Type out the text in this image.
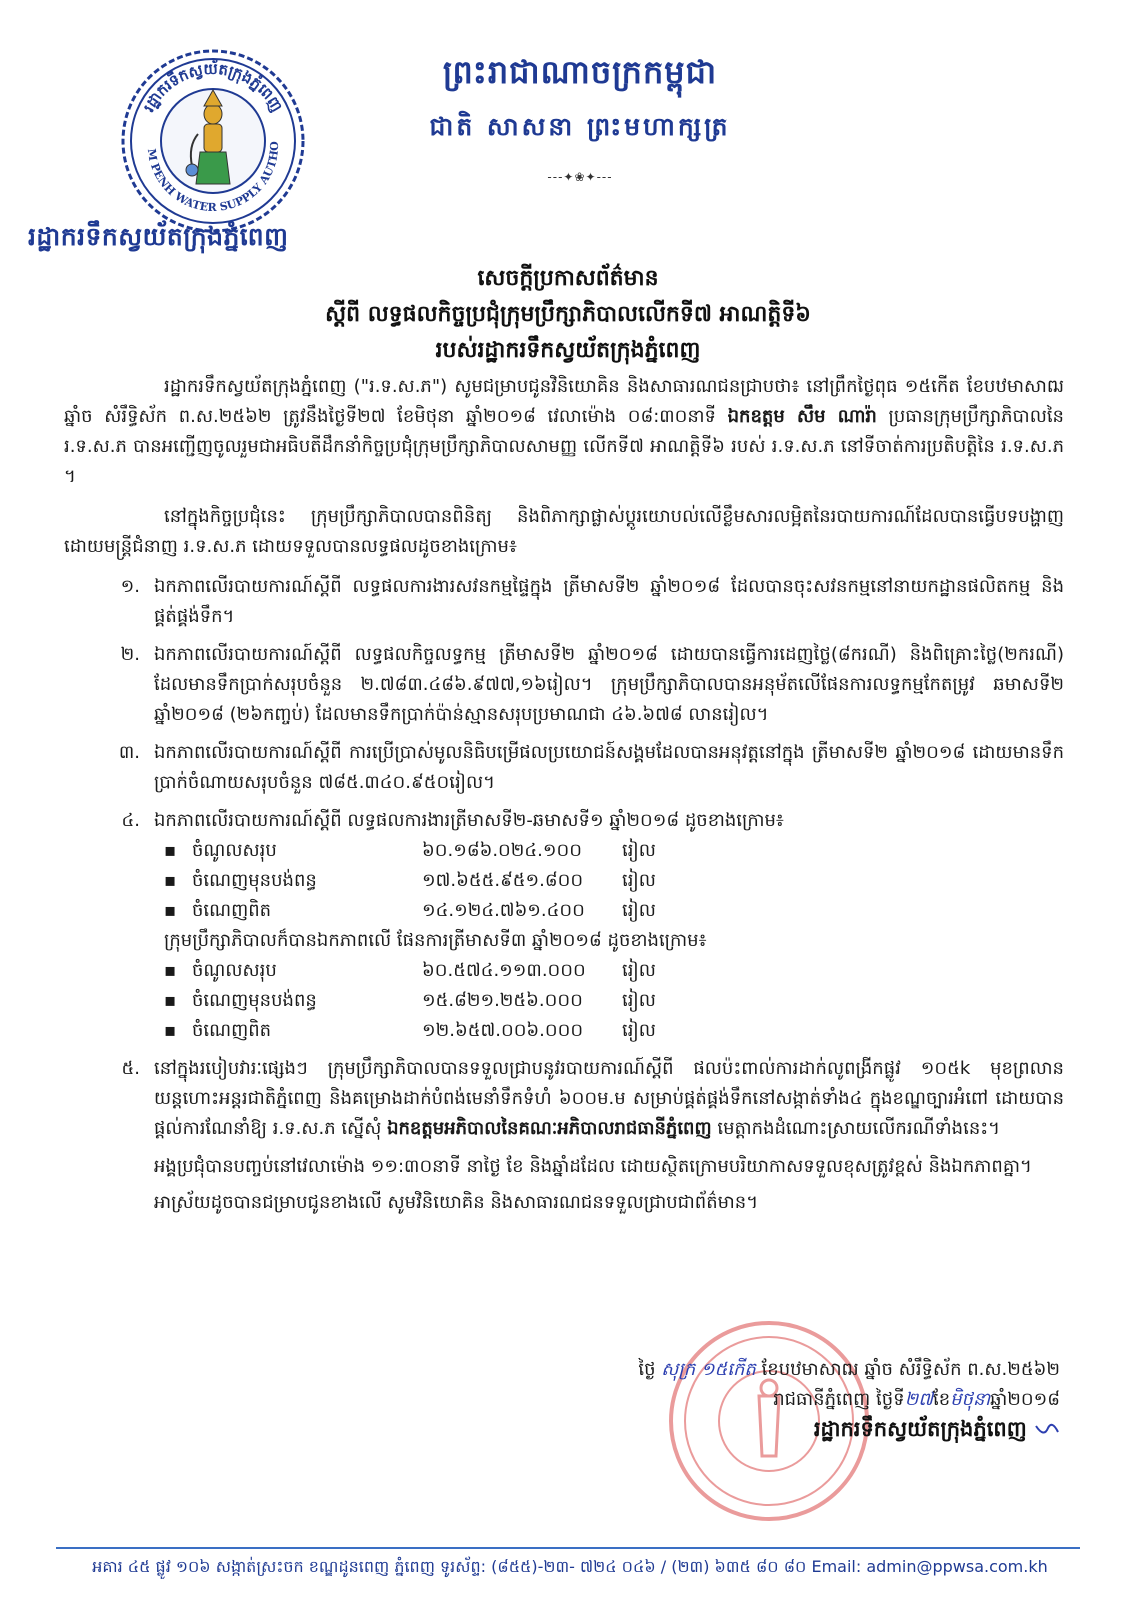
រដ្ឋាករទឹកស្វយ័តក្រុងភ្នំពេញ
M PENH WATER SUPPLY AUTHO
រដ្ឋាករទឹកស្វយ័តក្រុងភ្នំពេញ
ព្រះរាជាណាចក្រកម្ពុជា
ជាតិ សាសនា ព្រះមហាក្សត្រ
---✦❀✦---
សេចក្តីប្រកាសព័ត៌មាន
ស្តីពី លទ្ធផលកិច្ចប្រជុំក្រុមប្រឹក្សាភិបាលលើកទី៧ អាណត្តិទី៦
របស់រដ្ឋាករទឹកស្វយ័តក្រុងភ្នំពេញ

រដ្ឋាករទឹកស្វយ័តក្រុងភ្នំពេញ ("រ.ទ.ស.ភ") សូមជម្រាបជូនវិនិយោគិន និងសាធារណជនជ្រាបថា៖ នៅព្រឹកថ្ងៃពុធ ១៥កើត ខែបឋមាសាឍ ឆ្នាំច សំរឹទ្ធិស័ក ព.ស.២៥៦២ ត្រូវនឹងថ្ងៃទី២៧ ខែមិថុនា ឆ្នាំ២០១៨ វេលាម៉ោង ០៨:៣០នាទី ឯកឧត្តម សឹម ណារ៉ា ប្រធានក្រុមប្រឹក្សាភិបាលនៃ រ.ទ.ស.ភ បានអញ្ជើញចូលរួមជាអធិបតីដឹកនាំកិច្ចប្រជុំក្រុមប្រឹក្សាភិបាលសាមញ្ញ លើកទី៧ អាណត្តិទី៦ របស់ រ.ទ.ស.ភ នៅទីចាត់ការប្រតិបត្តិនៃ រ.ទ.ស.ភ ។

នៅក្នុងកិច្ចប្រជុំនេះ ក្រុមប្រឹក្សាភិបាលបានពិនិត្យ និងពិភាក្សាផ្លាស់ប្តូរយោបល់លើខ្លឹមសារលម្អិតនៃរបាយការណ៍ដែលបានធ្វើបទបង្ហាញដោយមន្ត្រីជំនាញ រ.ទ.ស.ភ ដោយទទួលបានលទ្ធផលដូចខាងក្រោម៖

១. ឯកភាពលើរបាយការណ៍ស្តីពី លទ្ធផលការងារសវនកម្មផ្ទៃក្នុង ត្រីមាសទី២ ឆ្នាំ២០១៨ ដែលបានចុះសវនកម្មនៅនាយកដ្ឋានផលិតកម្ម និងផ្គត់ផ្គង់ទឹក។
២. ឯកភាពលើរបាយការណ៍ស្តីពី លទ្ធផលកិច្ចលទ្ធកម្ម ត្រីមាសទី២ ឆ្នាំ២០១៨ ដោយបានធ្វើការដេញថ្លៃ(៨ករណី) និងពិគ្រោះថ្លៃ(២ករណី) ដែលមានទឹកប្រាក់សរុបចំនួន ២.៧៨៣.៤៨៦.៩៧៧,១៦រៀល។ ក្រុមប្រឹក្សាភិបាលបានអនុម័តលើផែនការលទ្ធកម្មកែតម្រូវ ឆមាសទី២ ឆ្នាំ២០១៨ (២៦កញ្ចប់) ដែលមានទឹកប្រាក់ប៉ាន់ស្មានសរុបប្រមាណជា ៤៦.៦៧៨ លានរៀល។
៣. ឯកភាពលើរបាយការណ៍ស្តីពី ការប្រើប្រាស់មូលនិធិបម្រើផលប្រយោជន៍សង្គមដែលបានអនុវត្តនៅក្នុង ត្រីមាសទី២ ឆ្នាំ២០១៨ ដោយមានទឹកប្រាក់ចំណាយសរុបចំនួន ៧៨៥.៣៤០.៩៥០រៀល។
៤. ឯកភាពលើរបាយការណ៍ស្តីពី លទ្ធផលការងារត្រីមាសទី២-ឆមាសទី១ ឆ្នាំ២០១៨ ដូចខាងក្រោម៖
▪ ចំណូលសរុប	៦០.១៨៦.០២៤.១០០	រៀល
▪ ចំណេញមុនបង់ពន្ធ	១៧.៦៥៥.៩៥១.៨០០	រៀល
▪ ចំណេញពិត	១៤.១២៤.៧៦១.៤០០	រៀល
ក្រុមប្រឹក្សាភិបាលក៏បានឯកភាពលើ ផែនការត្រីមាសទី៣ ឆ្នាំ២០១៨ ដូចខាងក្រោម៖
▪ ចំណូលសរុប	៦០.៥៧៤.១១៣.០០០	រៀល
▪ ចំណេញមុនបង់ពន្ធ	១៥.៨២១.២៥៦.០០០	រៀល
▪ ចំណេញពិត	១២.៦៥៧.០០៦.០០០	រៀល
៥. នៅក្នុងរបៀបវារៈផ្សេងៗ ក្រុមប្រឹក្សាភិបាលបានទទួលជ្រាបនូវរបាយការណ៍ស្តីពី ផលប៉ះពាល់ការដាក់លូពង្រីកផ្លូវ ១០៥k មុខព្រលានយន្តហោះអន្តរជាតិភ្នំពេញ និងគម្រោងដាក់បំពង់មេនាំទឹកទំហំ ៦០០ម.ម សម្រាប់ផ្គត់ផ្គង់ទឹកនៅសង្កាត់ទាំង៤ ក្នុងខណ្ឌច្បារអំពៅ ដោយបានផ្តល់ការណែនាំឱ្យ រ.ទ.ស.ភ ស្នើសុំ ឯកឧត្តមអភិបាលនៃគណៈអភិបាលរាជធានីភ្នំពេញ មេត្តាកងដំណោះស្រាយលើករណីទាំងនេះ។

អង្គប្រជុំបានបញ្ចប់នៅវេលាម៉ោង ១១:៣០នាទី នាថ្ងៃ ខែ និងឆ្នាំដដែល ដោយស្ថិតក្រោមបរិយាកាសទទួលខុសត្រូវខ្ពស់ និងឯកភាពគ្នា។

អាស្រ័យដូចបានជម្រាបជូនខាងលើ សូមវិនិយោគិន និងសាធារណជនទទួលជ្រាបជាព័ត៌មាន។

ថ្ងៃ សុក្រ ១៥កើត ខែបឋមាសាឍ ឆ្នាំច សំរឹទ្ធិស័ក ព.ស.២៥៦២
រាជធានីភ្នំពេញ ថ្ងៃទី២៧ខែមិថុនាឆ្នាំ២០១៨
រដ្ឋាករទឹកស្វយ័តក្រុងភ្នំពេញ
អគារ ៤៥ ផ្លូវ ១០៦ សង្កាត់ស្រះចក ខណ្ឌដូនពេញ ភ្នំពេញ ទូរស័ព្ទ: (៨៥៥)-២៣- ៧២៤ ០៤៦ / (២៣) ៦៣៥ ៨០ ៨០ Email: admin@ppwsa.com.kh
